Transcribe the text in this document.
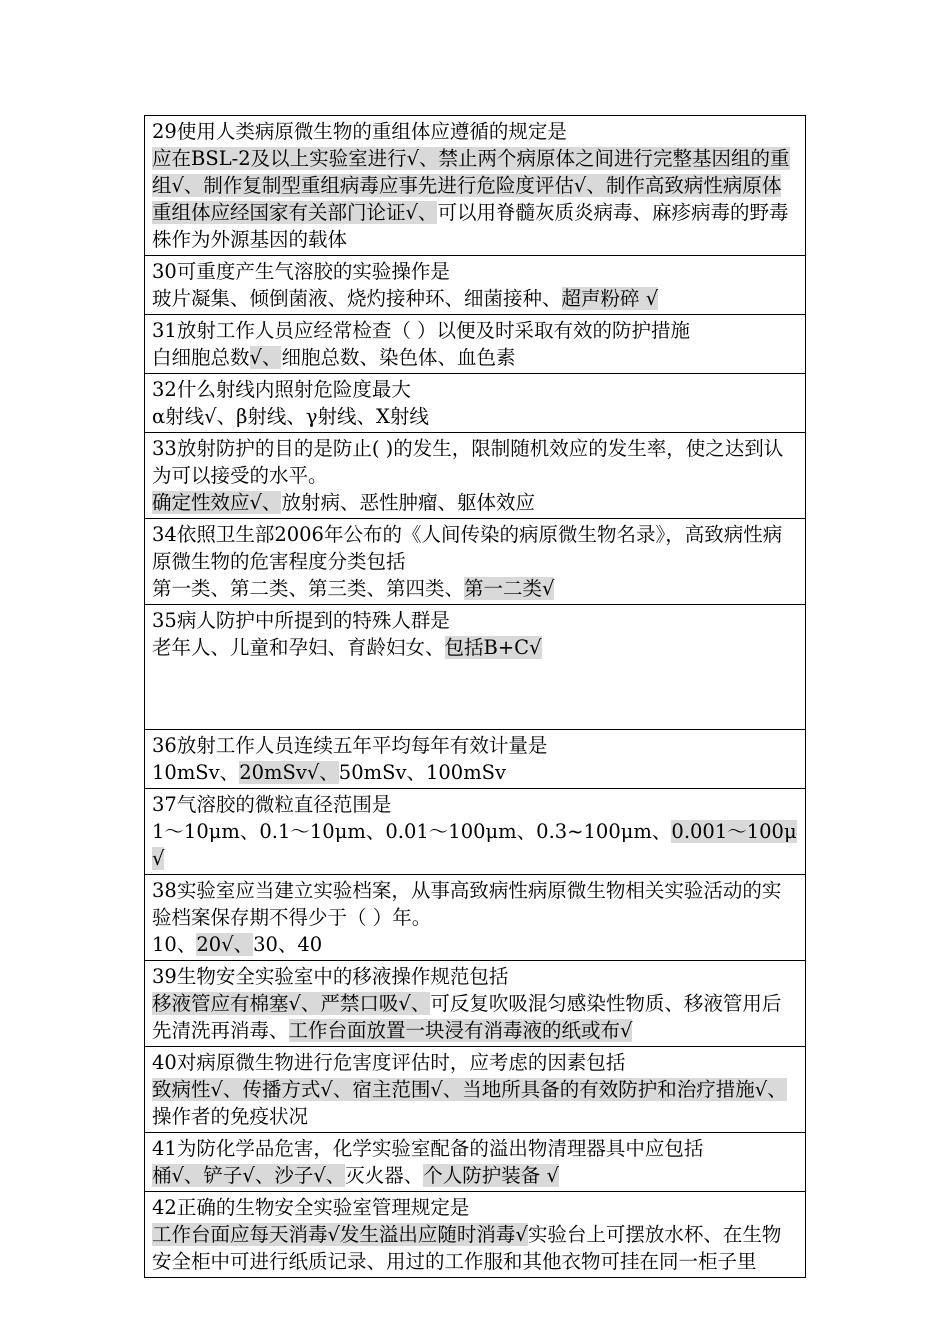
29使用人类病原微生物的重组体应遵循的规定是
应在BSL-2及以上实验室进行√、禁止两个病原体之间进行完整基因组的重组√、制作复制型重组病毒应事先进行危险度评估√、制作高致病性病原体重组体应经国家有关部门论证√、可以用脊髓灰质炎病毒、麻疹病毒的野毒株作为外源基因的载体

30可重度产生气溶胶的实验操作是
玻片凝集、倾倒菌液、烧灼接种环、细菌接种、超声粉碎 √

31放射工作人员应经常检查（ ）以便及时采取有效的防护措施
白细胞总数√、细胞总数、染色体、血色素

32什么射线内照射危险度最大
α射线√、β射线、γ射线、X射线

33放射防护的目的是防止( )的发生，限制随机效应的发生率，使之达到认为可以接受的水平。
确定性效应√、放射病、恶性肿瘤、躯体效应

34依照卫生部2006年公布的《人间传染的病原微生物名录》，高致病性病原微生物的危害程度分类包括
第一类、第二类、第三类、第四类、第一二类√

35病人防护中所提到的特殊人群是
老年人、儿童和孕妇、育龄妇女、包括B+C√

36放射工作人员连续五年平均每年有效计量是
10mSv、20mSv√、50mSv、100mSv

37气溶胶的微粒直径范围是
1～10μm、0.1～10μm、0.01～100μm、0.3~100μm、0.001～100μ√

38实验室应当建立实验档案，从事高致病性病原微生物相关实验活动的实验档案保存期不得少于（ ）年。
10、20√、30、40

39生物安全实验室中的移液操作规范包括
移液管应有棉塞√、严禁口吸√、可反复吹吸混匀感染性物质、移液管用后先清洗再消毒、工作台面放置一块浸有消毒液的纸或布√

40对病原微生物进行危害度评估时，应考虑的因素包括
致病性√、传播方式√、宿主范围√、当地所具备的有效防护和治疗措施√、操作者的免疫状况

41为防化学品危害，化学实验室配备的溢出物清理器具中应包括
桶√、铲子√、沙子√、灭火器、个人防护装备 √

42正确的生物安全实验室管理规定是
工作台面应每天消毒√发生溢出应随时消毒√实验台上可摆放水杯、在生物安全柜中可进行纸质记录、用过的工作服和其他衣物可挂在同一柜子里
